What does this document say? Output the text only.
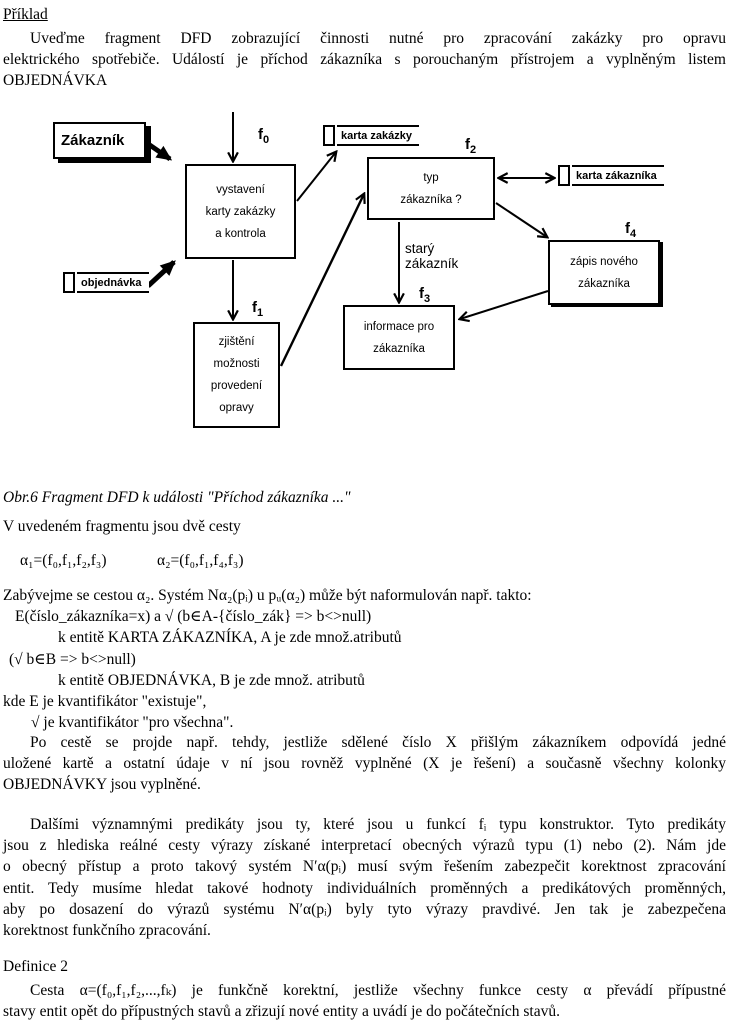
Příklad
Uveďme fragment DFD zobrazující činnosti nutné pro zpracování zakázky pro opravu
elektrického spotřebiče. Událostí je příchod zákazníka s porouchaným přístrojem a vyplněným listem
OBJEDNÁVKA
Zákazník	karta zakázky
objednávka
karta zákazníka
vystavení
karty zakázky
a kontrola
zjištění
možnosti
provedení
opravy
typ
zákazníka ?
informace pro
zákazníka
zápis nového
zákazníka
$f_0$
$f_1$
$f_2$
$f_3$
$f_4$
starý
zákazník
Obr.6 Fragment DFD k události "Příchod zákazníka ..."
V uvedeném fragmentu jsou dvě cesty
α₁=(f₀,f₁,f₂,f₃)	α₂=(f₀,f₁,f₄,f₃)
Zabývejme se cestou α₂. Systém Nα₂(pᵢ) u pᵤ(α₂) může být naformulován např. takto:
E(číslo_zákazníka=x) a √ (b∈A-{číslo_zák} => b<>null)
k entitě KARTA ZÁKAZNÍKA, A je zde množ.atributů
(√ b∈B => b<>null)
k entitě OBJEDNÁVKA, B je zde množ. atributů
kde E je kvantifikátor "existuje",
√ je kvantifikátor "pro všechna".
Po cestě se projde např. tehdy, jestliže sdělené číslo X přišlým zákazníkem odpovídá jedné
uložené kartě a ostatní údaje v ní jsou rovněž vyplněné (X je řešení) a současně všechny kolonky
OBJEDNÁVKY jsou vyplněné.
Dalšími významnými predikáty jsou ty, které jsou u funkcí fᵢ typu konstruktor. Tyto predikáty
jsou z hlediska reálné cesty výrazy získané interpretací obecných výrazů typu (1) nebo (2). Nám jde
o obecný přístup a proto takový systém N′α(pᵢ) musí svým řešením zabezpečit korektnost zpracování
entit. Tedy musíme hledat takové hodnoty individuálních proměnných a predikátových proměnných,
aby po dosazení do výrazů systému N′α(pᵢ) byly tyto výrazy pravdivé. Jen tak je zabezpečena
korektnost funkčního zpracování.
Definice 2
Cesta α=(f₀,f₁,f₂,...,fₖ) je funkčně korektní, jestliže všechny funkce cesty α převádí přípustné
stavy entit opět do přípustných stavů a zřizují nové entity a uvádí je do počátečních stavů.
